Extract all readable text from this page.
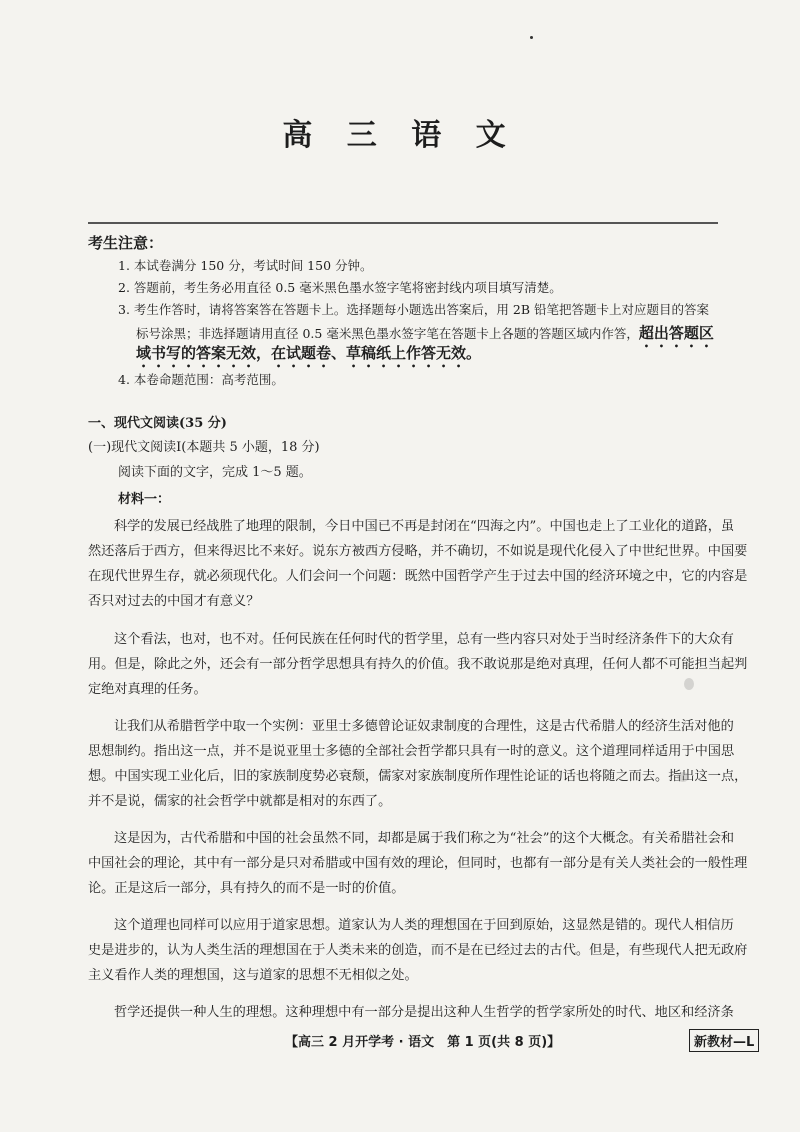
高 三 语 文
考生注意：
1. 本试卷满分 150 分，考试时间 150 分钟。
2. 答题前，考生务必用直径 0.5 毫米黑色墨水签字笔将密封线内项目填写清楚。
3. 考生作答时，请将答案答在答题卡上。选择题每小题选出答案后，用 2B 铅笔把答题卡上对应题目的答案
标号涂黑；非选择题请用直径 0.5 毫米黑色墨水签字笔在答题卡上各题的答题区域内作答，超出答题区
域书写的答案无效，在试题卷、草稿纸上作答无效。
4. 本卷命题范围：高考范围。
一、现代文阅读(35 分)
(一)现代文阅读Ⅰ(本题共 5 小题，18 分)
阅读下面的文字，完成 1～5 题。
材料一：
科学的发展已经战胜了地理的限制，今日中国已不再是封闭在“四海之内”。中国也走上了工业化的道路，虽
然还落后于西方，但来得迟比不来好。说东方被西方侵略，并不确切，不如说是现代化侵入了中世纪世界。中国要
在现代世界生存，就必须现代化。人们会问一个问题：既然中国哲学产生于过去中国的经济环境之中，它的内容是
否只对过去的中国才有意义？
这个看法，也对，也不对。任何民族在任何时代的哲学里，总有一些内容只对处于当时经济条件下的大众有
用。但是，除此之外，还会有一部分哲学思想具有持久的价值。我不敢说那是绝对真理，任何人都不可能担当起判
定绝对真理的任务。
让我们从希腊哲学中取一个实例：亚里士多德曾论证奴隶制度的合理性，这是古代希腊人的经济生活对他的
思想制约。指出这一点，并不是说亚里士多德的全部社会哲学都只具有一时的意义。这个道理同样适用于中国思
想。中国实现工业化后，旧的家族制度势必衰颓，儒家对家族制度所作理性论证的话也将随之而去。指出这一点，
并不是说，儒家的社会哲学中就都是相对的东西了。
这是因为，古代希腊和中国的社会虽然不同，却都是属于我们称之为“社会”的这个大概念。有关希腊社会和
中国社会的理论，其中有一部分是只对希腊或中国有效的理论，但同时，也都有一部分是有关人类社会的一般性理
论。正是这后一部分，具有持久的而不是一时的价值。
这个道理也同样可以应用于道家思想。道家认为人类的理想国在于回到原始，这显然是错的。现代人相信历
史是进步的，认为人类生活的理想国在于人类未来的创造，而不是在已经过去的古代。但是，有些现代人把无政府
主义看作人类的理想国，这与道家的思想不无相似之处。
哲学还提供一种人生的理想。这种理想中有一部分是提出这种人生哲学的哲学家所处的时代、地区和经济条
【高三 2 月开学考 · 语文　第 1 页(共 8 页)】	新教材—L
